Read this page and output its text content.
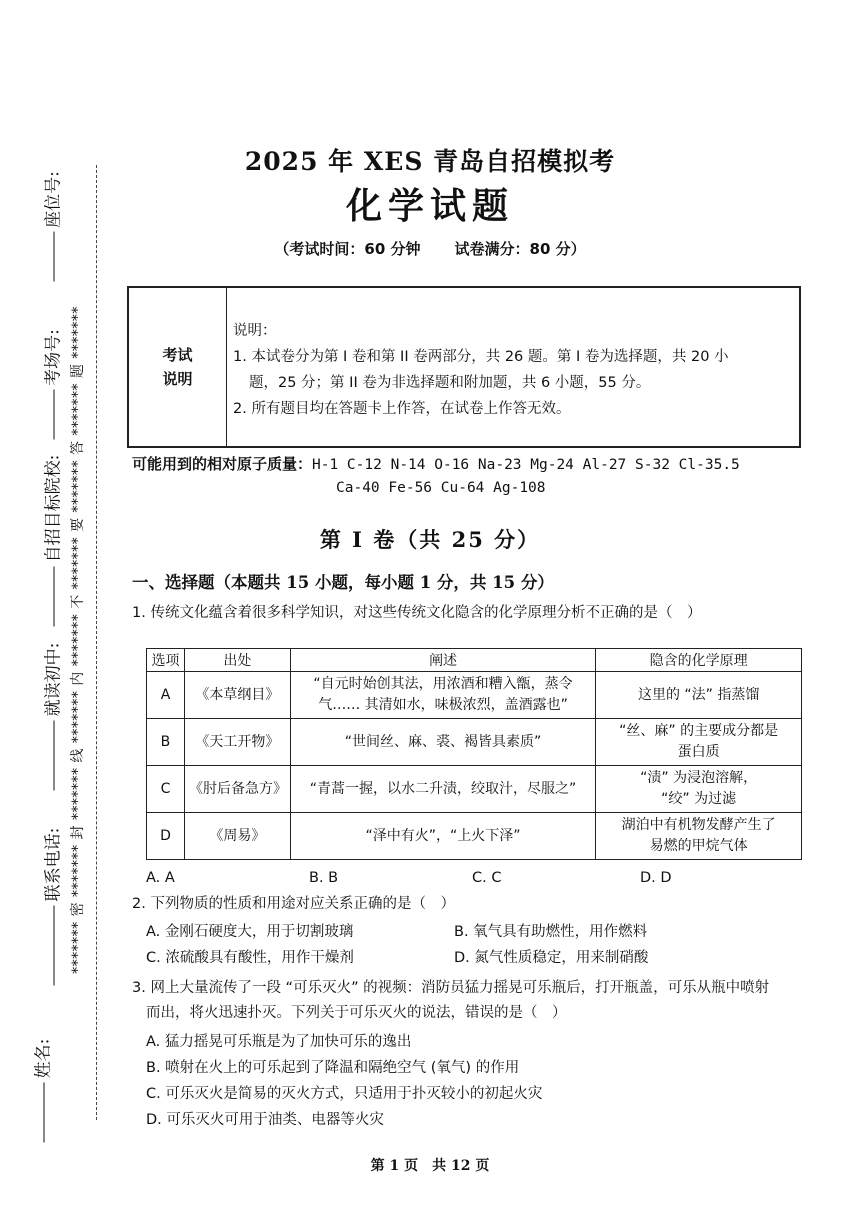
座位号:
考场号:
自招目标院校:
就读初中:
联系电话:
姓名:
******* 密 ******* 封 ******* 线 ******* 内 ******* 不 ******* 要 ******* 答 ******* 题 *******
2025 年 XES 青岛自招模拟考
化学试题
（考试时间：60 分钟 试卷满分：80 分）
考试
说明
说明：
1. 本试卷分为第 I 卷和第 II 卷两部分，共 26 题。第 I 卷为选择题，共 20 小
题，25 分；第 II 卷为非选择题和附加题，共 6 小题，55 分。
2. 所有题目均在答题卡上作答，在试卷上作答无效。
可能用到的相对原子质量：H-1 C-12 N-14 O-16 Na-23 Mg-24 Al-27 S-32 Cl-35.5
Ca-40 Fe-56 Cu-64 Ag-108
第 I 卷（共 25 分）
一、选择题（本题共 15 小题，每小题 1 分，共 15 分）
1. 传统文化蕴含着很多科学知识，对这些传统文化隐含的化学原理分析不正确的是（　）
选项	出处	阐述	隐含的化学原理
A	《本草纲目》	“自元时始创其法，用浓酒和糟入甑，蒸令
气…… 其清如水，味极浓烈，盖酒露也”	这里的 “法” 指蒸馏

B	《天工开物》	“世间丝、麻、裘、褐皆具素质”	“丝、麻” 的主要成分都是
蛋白质

C	《肘后备急方》	“青蒿一握，以水二升渍，绞取汁，尽服之”	“渍” 为浸泡溶解，
“绞” 为过滤

D	《周易》	“泽中有火”，“上火下泽”	湖泊中有机物发酵产生了
易燃的甲烷气体
A. A	B. B	C. C	D. D
2. 下列物质的性质和用途对应关系正确的是（　）
A. 金刚石硬度大，用于切割玻璃	B. 氧气具有助燃性，用作燃料
C. 浓硫酸具有酸性，用作干燥剂	D. 氮气性质稳定，用来制硝酸
3. 网上大量流传了一段 “可乐灭火” 的视频：消防员猛力摇晃可乐瓶后，打开瓶盖，可乐从瓶中喷射
而出，将火迅速扑灭。下列关于可乐灭火的说法，错误的是（　）
A. 猛力摇晃可乐瓶是为了加快可乐的逸出
B. 喷射在火上的可乐起到了降温和隔绝空气 (氧气) 的作用
C. 可乐灭火是简易的灭火方式，只适用于扑灭较小的初起火灾
D. 可乐灭火可用于油类、电器等火灾
第 1 页　共 12 页
